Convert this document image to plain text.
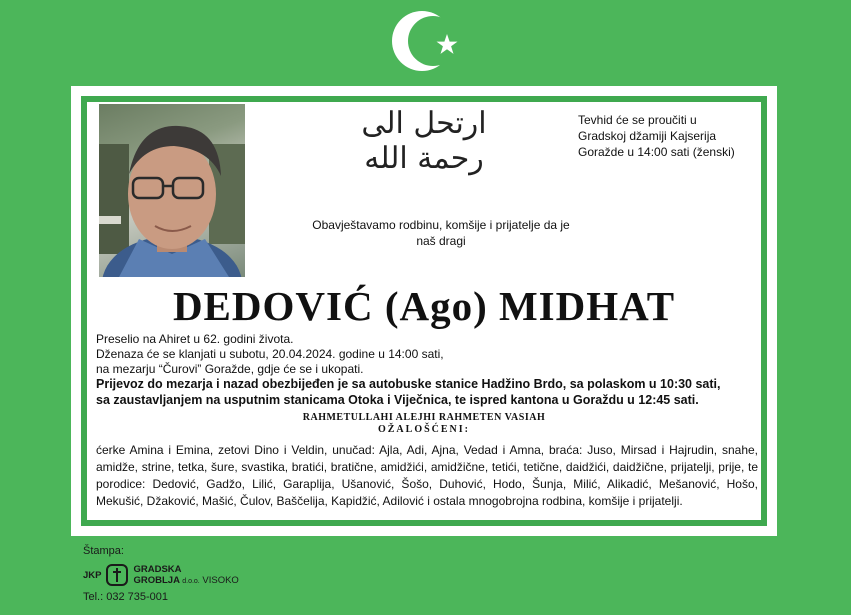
ارتحل الى رحمة الله
Tevhid će se proučiti u
Gradskoj džamiji Kajserija
Goražde u 14:00 sati (ženski)
Obavještavamo rodbinu, komšije i prijatelje da je
naš dragi
DEDOVIĆ (Ago) MIDHAT
Preselio na Ahiret u 62. godini života.
Dženaza će se klanjati u subotu, 20.04.2024. godine u 14:00 sati,
na mezarju “Čurovi” Goražde, gdje će se i ukopati.
Prijevoz do mezarja i nazad obezbijeđen je sa autobuske stanice Hadžino Brdo, sa polaskom u 10:30 sati,
sa zaustavljanjem na usputnim stanicama Otoka i Viječnica, te ispred kantona u Goraždu u 12:45 sati.
RAHMETULLAHI ALEJHI RAHMETEN VASIAH
OŽALOŠĆENI:
ćerke Amina i Emina, zetovi Dino i Veldin, unučad: Ajla, Adi, Ajna, Vedad i Amna, braća: Juso, Mirsad i Hajrudin, snahe, amidže, strine, tetka, šure, svastika, bratići, bratične, amidžići, amidžične, tetići, tetične, daidžići, daidžične, prijatelji, prije, te porodice: Dedović, Gadžo, Lilić, Garaplija, Ušanović, Šošo, Duhović, Hodo, Šunja, Milić, Alikadić, Mešanović, Hošo, Mekušić, Džaković, Mašić, Čulov, Baščelija, Kapidžić, Adilović i ostala mnogobrojna rodbina, komšije i prijatelji.
Štampa:
JKP
GRADSKA
GROBLJA d.o.o. VISOKO
Tel.: 032 735-001
